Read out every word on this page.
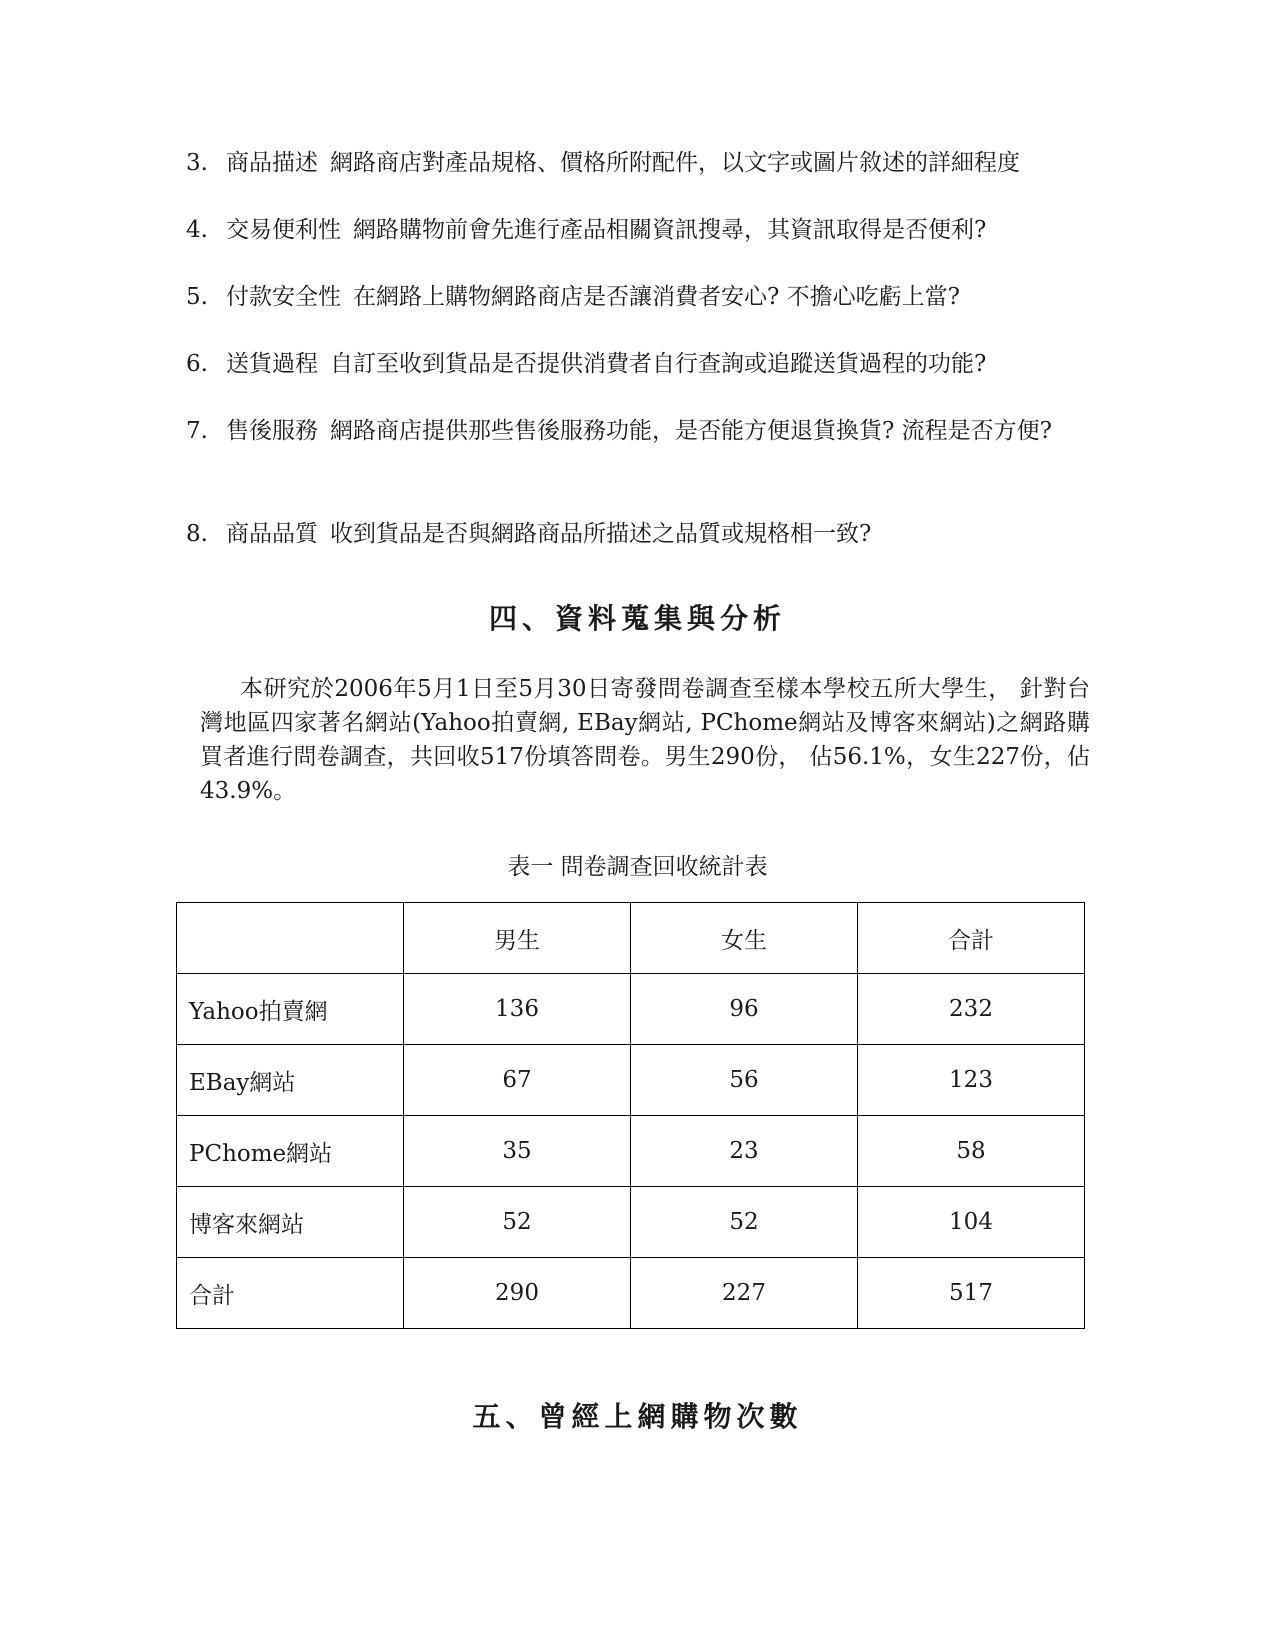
3. 商品描述 網路商店對產品規格、價格所附配件，以文字或圖片敘述的詳細程度
4. 交易便利性 網路購物前會先進行產品相關資訊搜尋，其資訊取得是否便利?
5. 付款安全性 在網路上購物網路商店是否讓消費者安心? 不擔心吃虧上當?
6. 送貨過程 自訂至收到貨品是否提供消費者自行查詢或追蹤送貨過程的功能?
7. 售後服務 網路商店提供那些售後服務功能，是否能方便退貨換貨? 流程是否方便?
8. 商品品質 收到貨品是否與網路商品所描述之品質或規格相一致?
四、資料蒐集與分析
本研究於2006年5月1日至5月30日寄發問卷調查至樣本學校五所大學生， 針對台灣地區四家著名網站(Yahoo拍賣網, EBay網站, PChome網站及博客來網站)之網路購買者進行問卷調查，共回收517份填答問卷。男生290份， 佔56.1%，女生227份，佔43.9%。
表一 問卷調查回收統計表
	男生	女生	合計
Yahoo拍賣網	136	96	232
EBay網站	67	56	123
PChome網站	35	23	58
博客來網站	52	52	104
合計	290	227	517
五、曾經上網購物次數
